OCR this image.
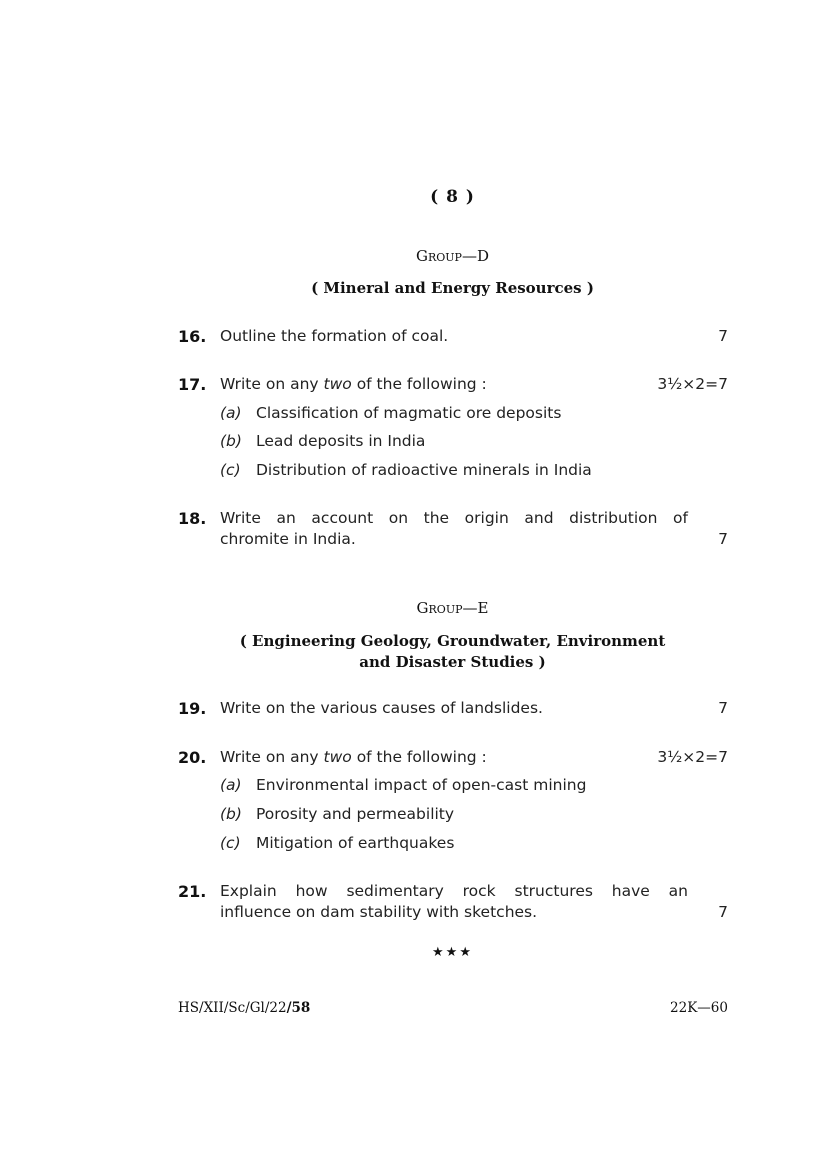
( 8 )
Group—D
( Mineral and Energy Resources )
16. Outline the formation of coal.	7
17. Write on any two of the following :	3½×2=7
(a) Classification of magmatic ore deposits
(b) Lead deposits in India
(c) Distribution of radioactive minerals in India
18. Write an account on the origin and distribution of
chromite in India.	7
Group—E
( Engineering Geology, Groundwater, Environment
and Disaster Studies )
19. Write on the various causes of landslides.	7
20. Write on any two of the following :	3½×2=7
(a) Environmental impact of open-cast mining
(b) Porosity and permeability
(c) Mitigation of earthquakes
21. Explain how sedimentary rock structures have an
influence on dam stability with sketches.	7
★★★
HS/XII/Sc/Gl/22/58	22K—60
